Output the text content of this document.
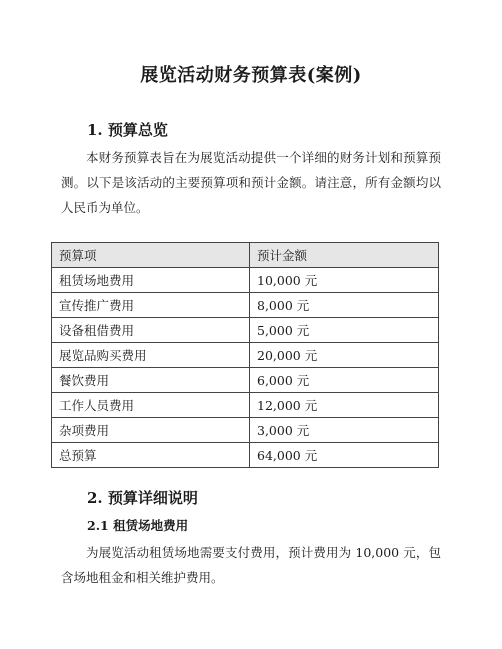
展览活动财务预算表(案例)
1. 预算总览

本财务预算表旨在为展览活动提供一个详细的财务计划和预算预测。以下是该活动的主要预算项和预计金额。请注意，所有金额均以人民币为单位。

预算项	预计金额
租赁场地费用	10,000 元
宣传推广费用	8,000 元
设备租借费用	5,000 元
展览品购买费用	20,000 元
餐饮费用	6,000 元
工作人员费用	12,000 元
杂项费用	3,000 元
总预算	64,000 元
2. 预算详细说明
2.1 租赁场地费用

为展览活动租赁场地需要支付费用，预计费用为 10,000 元，包含场地租金和相关维护费用。
